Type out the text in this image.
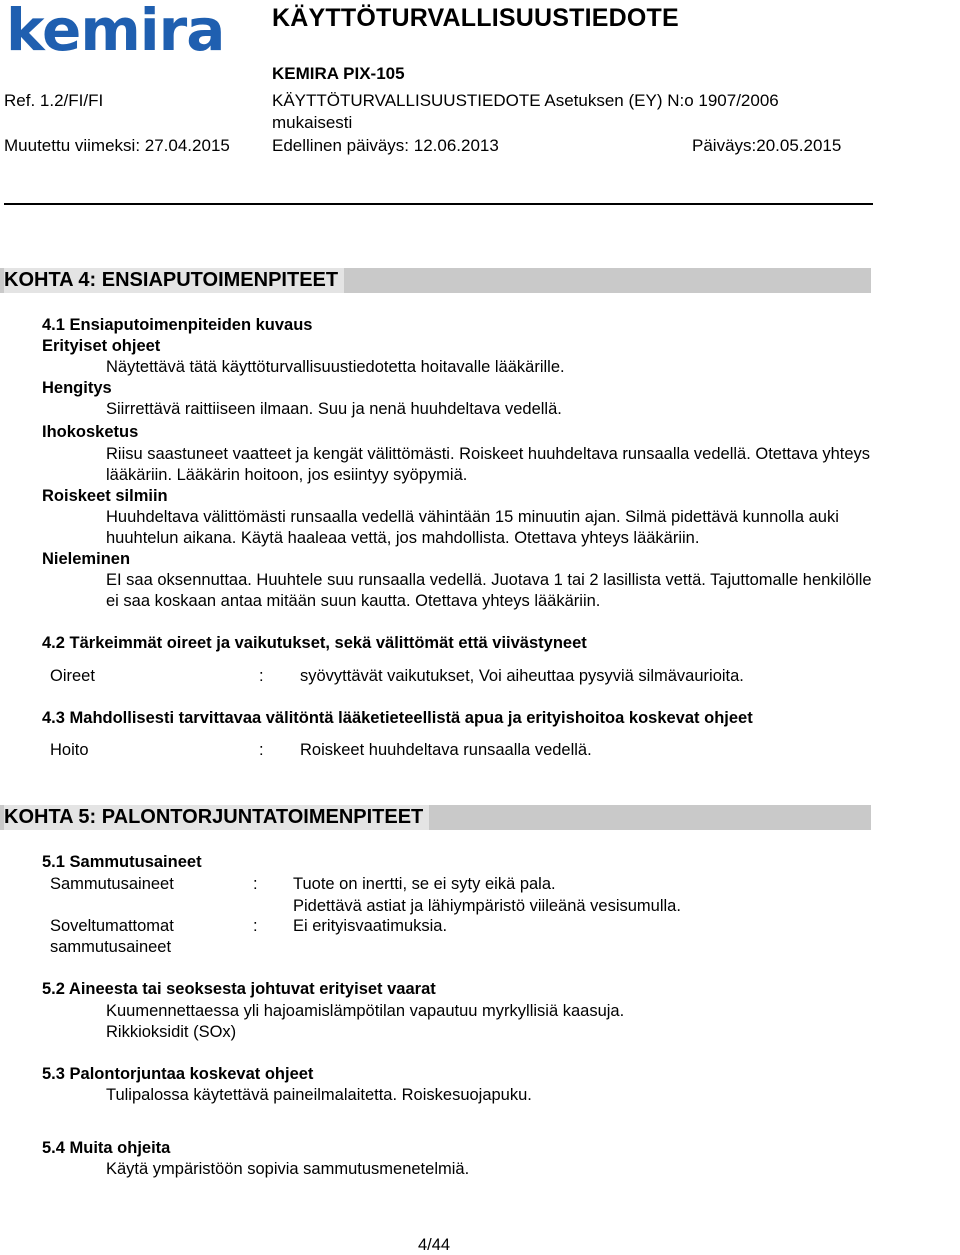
kemira KÄYTTÖTURVALLISUUSTIEDOTE
KEMIRA PIX-105
Ref. 1.2/FI/FI	KÄYTTÖTURVALLISUUSTIEDOTE Asetuksen (EY) N:o 1907/2006
mukaisesti
Muutettu viimeksi: 27.04.2015 Edellinen päiväys: 12.06.2013	Päiväys:20.05.2015
KOHTA 4: ENSIAPUTOIMENPITEET
4.1 Ensiaputoimenpiteiden kuvaus
Erityiset ohjeet
Näytettävä tätä käyttöturvallisuustiedotetta hoitavalle lääkärille.
Hengitys
Siirrettävä raittiiseen ilmaan. Suu ja nenä huuhdeltava vedellä.
Ihokosketus
Riisu saastuneet vaatteet ja kengät välittömästi. Roiskeet huuhdeltava runsaalla vedellä. Otettava yhteys
lääkäriin. Lääkärin hoitoon, jos esiintyy syöpymiä.
Roiskeet silmiin
Huuhdeltava välittömästi runsaalla vedellä vähintään 15 minuutin ajan. Silmä pidettävä kunnolla auki
huuhtelun aikana. Käytä haaleaa vettä, jos mahdollista. Otettava yhteys lääkäriin.
Nieleminen
EI saa oksennuttaa. Huuhtele suu runsaalla vedellä. Juotava 1 tai 2 lasillista vettä. Tajuttomalle henkilölle
ei saa koskaan antaa mitään suun kautta. Otettava yhteys lääkäriin.
4.2 Tärkeimmät oireet ja vaikutukset, sekä välittömät että viivästyneet
Oireet	: syövyttävät vaikutukset, Voi aiheuttaa pysyviä silmävaurioita.
4.3 Mahdollisesti tarvittavaa välitöntä lääketieteellistä apua ja erityishoitoa koskevat ohjeet
Hoito	: Roiskeet huuhdeltava runsaalla vedellä.
KOHTA 5: PALONTORJUNTATOIMENPITEET
5.1 Sammutusaineet
Sammutusaineet	: Tuote on inertti, se ei syty eikä pala.
Pidettävä astiat ja lähiympäristö viileänä vesisumulla.
Soveltumattomat
sammutusaineet
: Ei erityisvaatimuksia.
5.2 Aineesta tai seoksesta johtuvat erityiset vaarat
Kuumennettaessa yli hajoamislämpötilan vapautuu myrkyllisiä kaasuja.
Rikkioksidit (SOx)
5.3 Palontorjuntaa koskevat ohjeet
Tulipalossa käytettävä paineilmalaitetta. Roiskesuojapuku.
5.4 Muita ohjeita
Käytä ympäristöön sopivia sammutusmenetelmiä.
4/44
